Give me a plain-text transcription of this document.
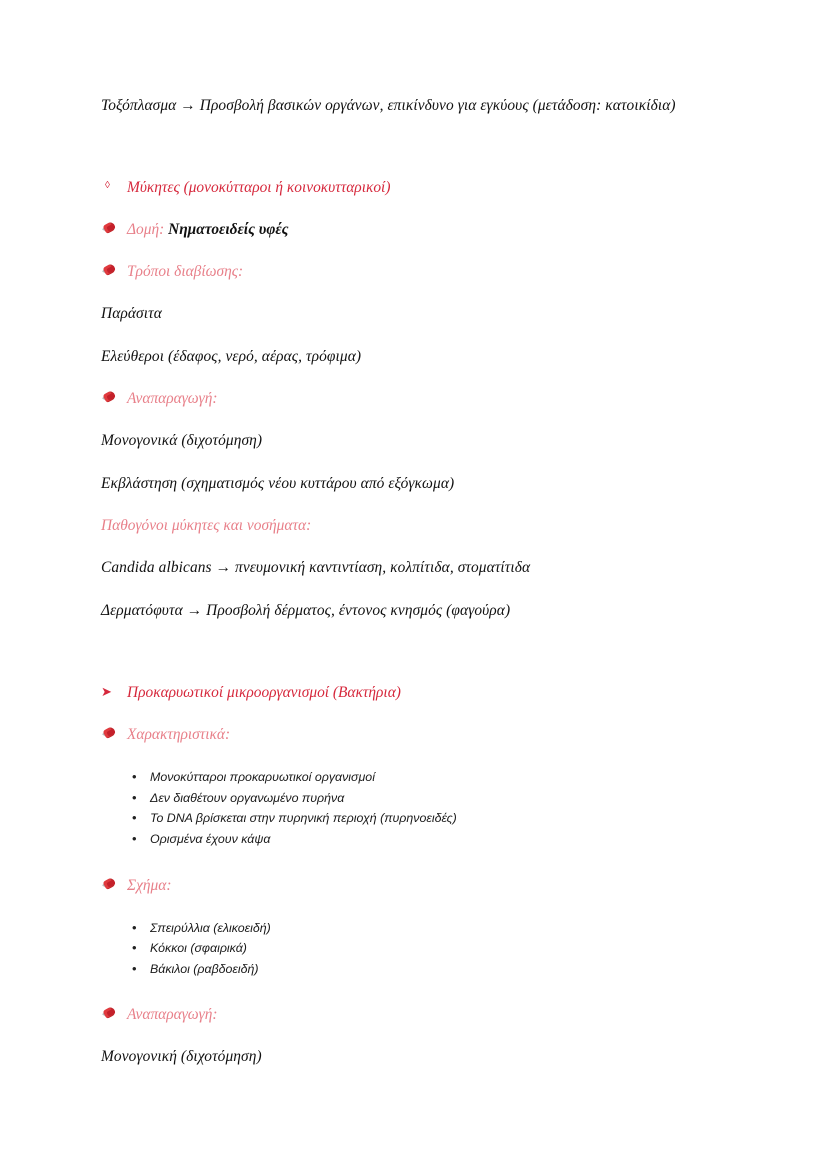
Τοξόπλασμα → Προσβολή βασικών οργάνων, επικίνδυνο για εγκύους (μετάδοση: κατοικίδια)

◊	Μύκητες (μονοκύτταροι ή κοινοκυτταρικοί)
Δομή: Νηματοειδείς υφές
Τρόποι διαβίωσης:

Παράσιτα

Ελεύθεροι (έδαφος, νερό, αέρας, τρόφιμα)

Αναπαραγωγή:

Μονογονικά (διχοτόμηση)

Εκβλάστηση (σχηματισμός νέου κυττάρου από εξόγκωμα)

Παθογόνοι μύκητες και νοσήματα:

Candida albicans → πνευμονική καντιντίαση, κολπίτιδα, στοματίτιδα

Δερματόφυτα → Προσβολή δέρματος, έντονος κνησμός (φαγούρα)

➤ Προκαρυωτικοί μικροοργανισμοί (Βακτήρια)
Χαρακτηριστικά:
• Μονοκύτταροι προκαρυωτικοί οργανισμοί
• Δεν διαθέτουν οργανωμένο πυρήνα
• Το DNA βρίσκεται στην πυρηνική περιοχή (πυρηνοειδές)
• Ορισμένα έχουν κάψα
Σχήμα:
• Σπειρύλλια (ελικοειδή)
• Κόκκοι (σφαιρικά)
• Βάκιλοι (ραβδοειδή)
Αναπαραγωγή:

Μονογονική (διχοτόμηση)
